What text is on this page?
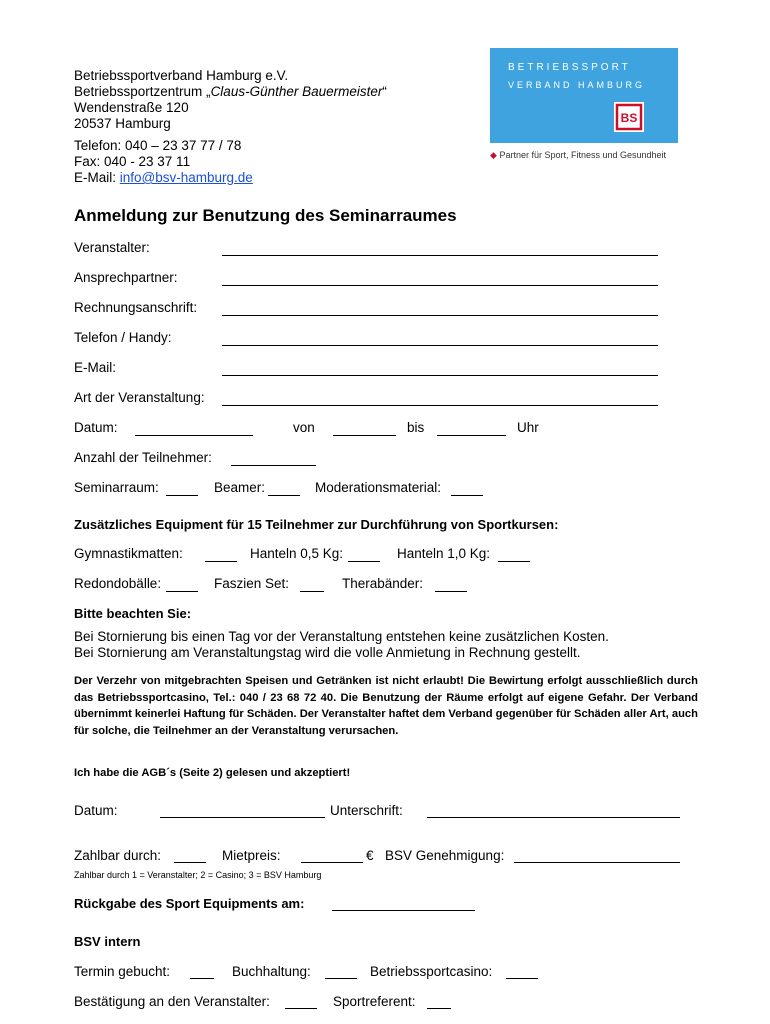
Betriebssportverband Hamburg e.V.
Betriebssportzentrum „Claus-Günther Bauermeister“
Wendenstraße 120
20537 Hamburg
Telefon: 040 – 23 37 77 / 78
Fax: 040 - 23 37 11
E-Mail: info@bsv-hamburg.de
BETRIEBSSPORT
VERBAND HAMBURG
BS
◆ Partner für Sport, Fitness und Gesundheit
Anmeldung zur Benutzung des Seminarraumes
Veranstalter:
Ansprechpartner:
Rechnungsanschrift:
Telefon / Handy:
E-Mail:
Art der Veranstaltung:
Datum:	von	bis	Uhr
Anzahl der Teilnehmer:
Seminarraum:	Beamer:	Moderationsmaterial:
Zusätzliches Equipment für 15 Teilnehmer zur Durchführung von Sportkursen:
Gymnastikmatten:	Hanteln 0,5 Kg:	Hanteln 1,0 Kg:
Redondobälle:	Faszien Set:	Therabänder:
Bitte beachten Sie:
Bei Stornierung bis einen Tag vor der Veranstaltung entstehen keine zusätzlichen Kosten.
Bei Stornierung am Veranstaltungstag wird die volle Anmietung in Rechnung gestellt.
Der Verzehr von mitgebrachten Speisen und Getränken ist nicht erlaubt! Die Bewirtung erfolgt ausschließlich durch das Betriebssportcasino, Tel.: 040 / 23 68 72 40. Die Benutzung der Räume erfolgt auf eigene Gefahr. Der Verband übernimmt keinerlei Haftung für Schäden. Der Veranstalter haftet dem Verband gegenüber für Schäden aller Art, auch für solche, die Teilnehmer an der Veranstaltung verursachen.
Ich habe die AGB´s (Seite 2) gelesen und akzeptiert!
Datum:	Unterschrift:
Zahlbar durch:	Mietpreis:	€ BSV Genehmigung:
Zahlbar durch 1 = Veranstalter; 2 = Casino; 3 = BSV Hamburg
Rückgabe des Sport Equipments am:
BSV intern
Termin gebucht:	Buchhaltung:	Betriebssportcasino:
Bestätigung an den Veranstalter:	Sportreferent:
